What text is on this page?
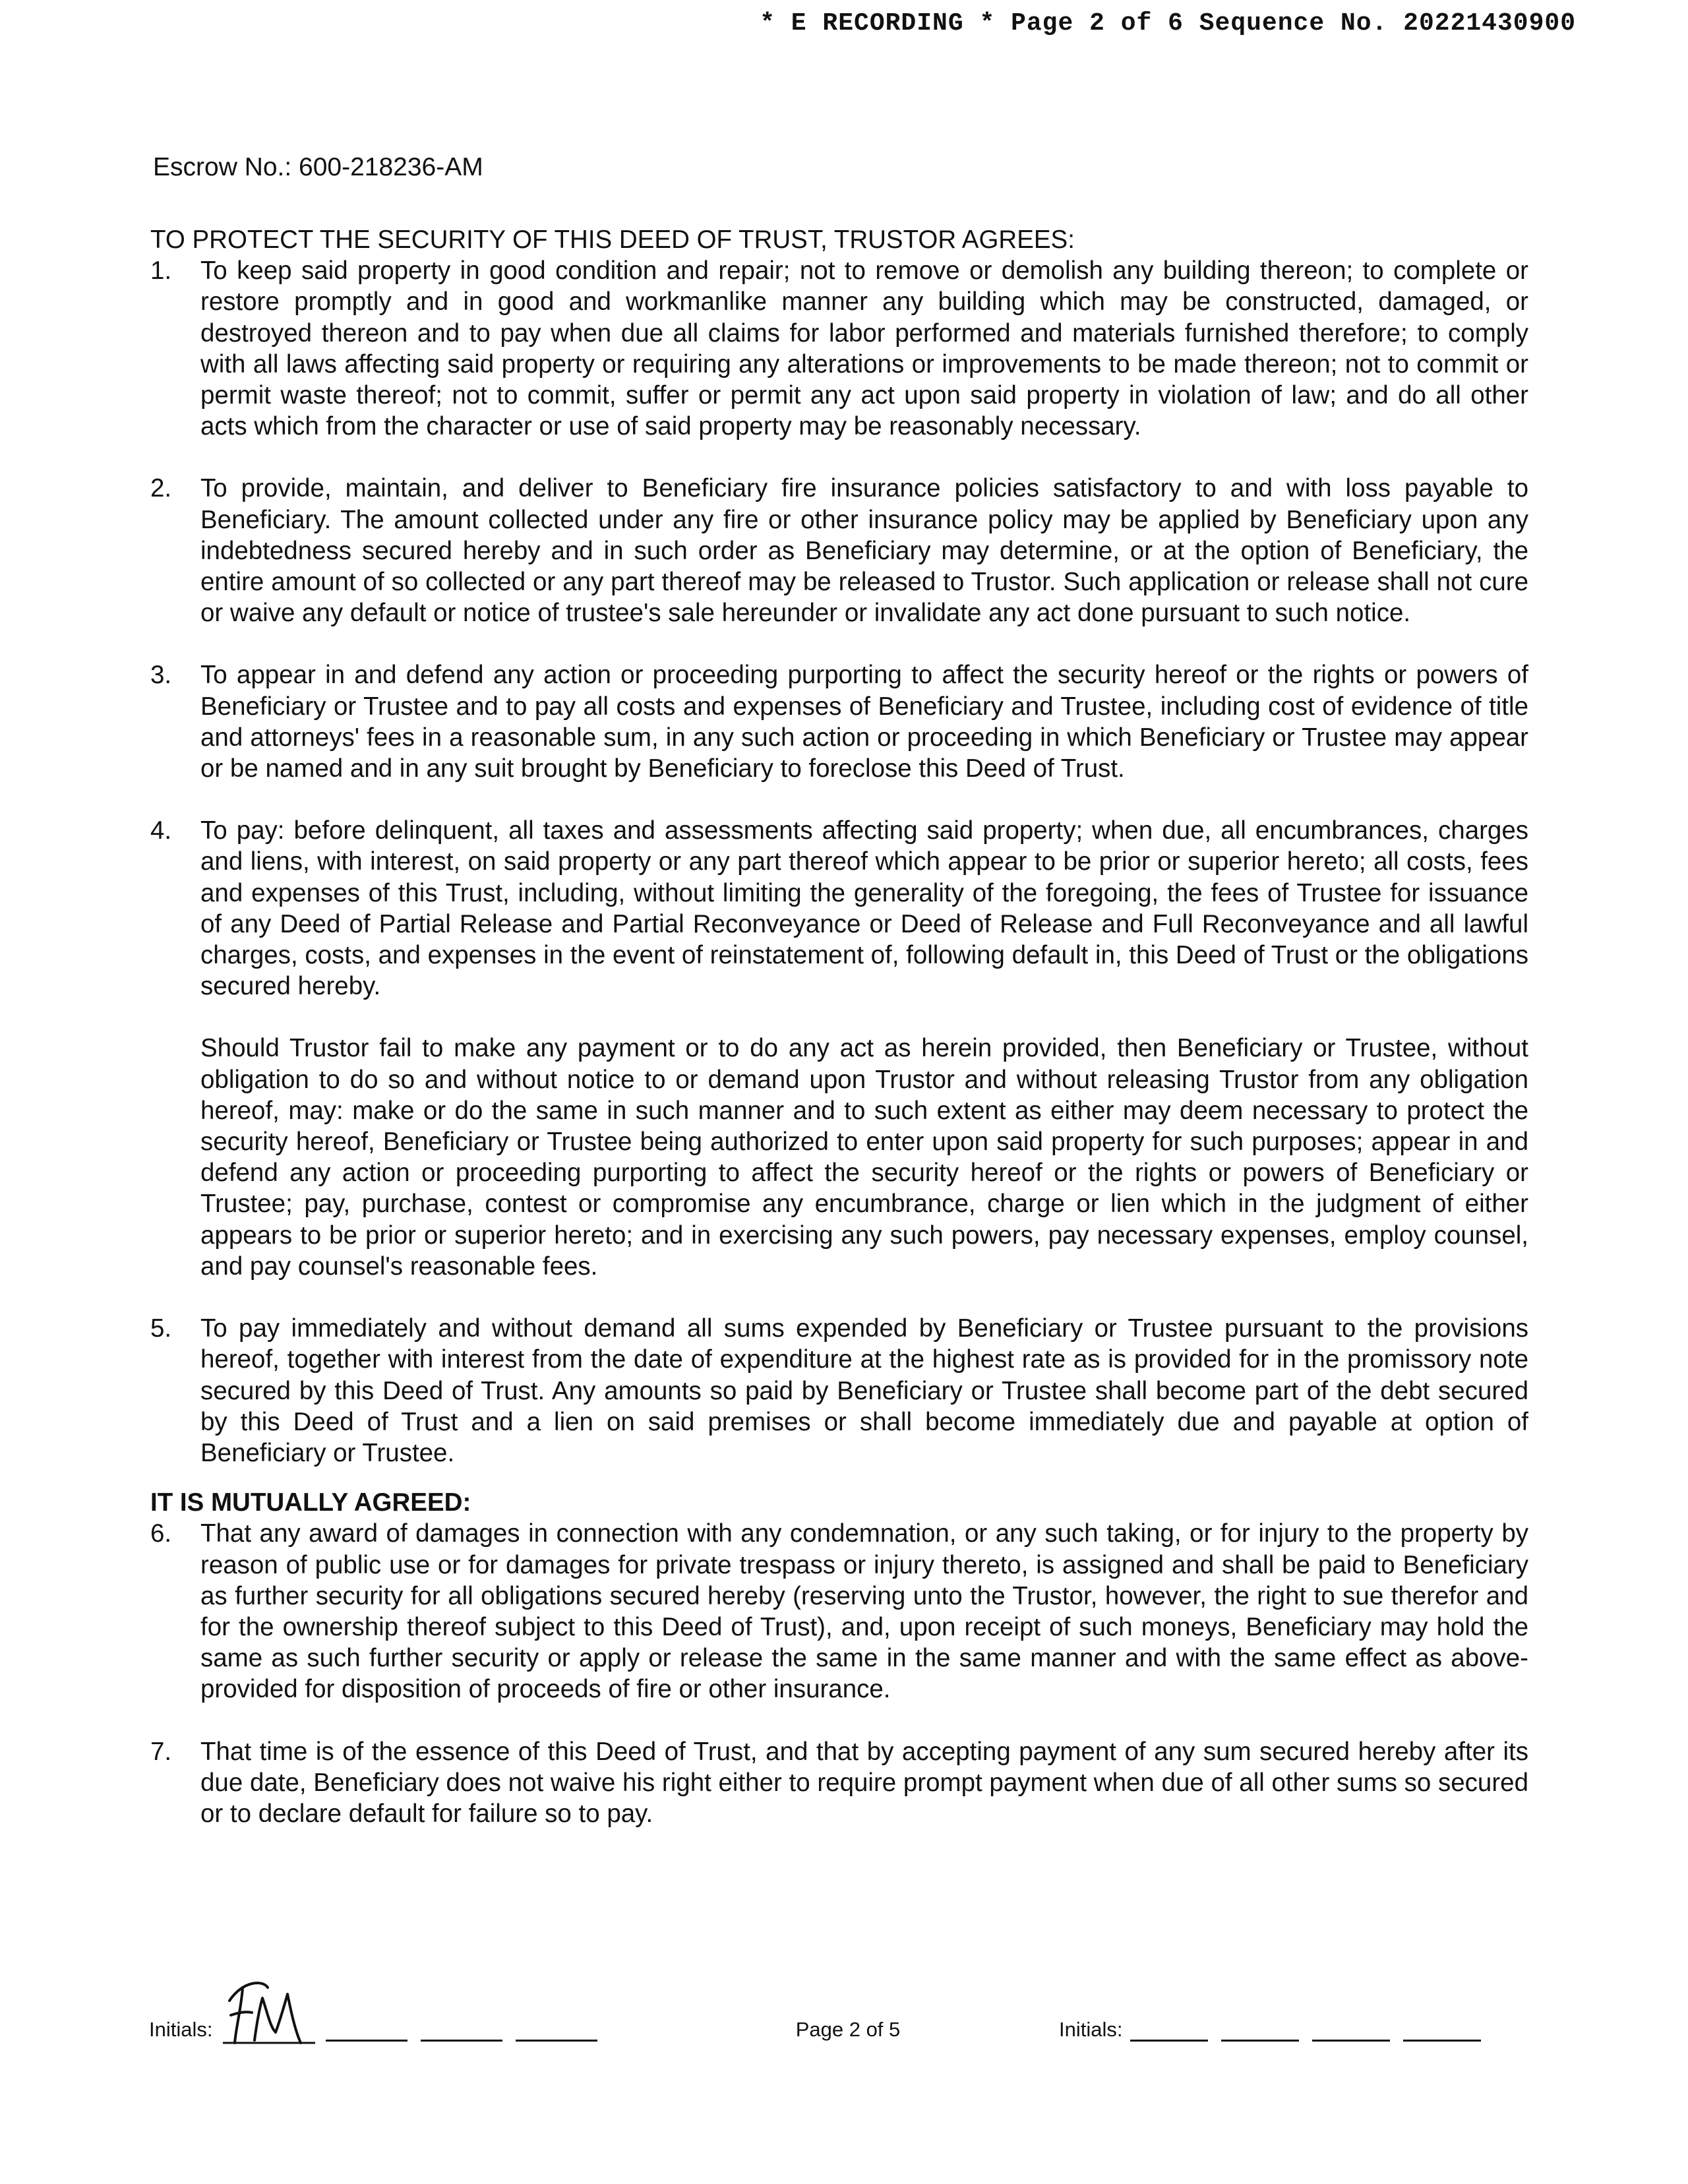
* E RECORDING * Page 2 of 6 Sequence No. 20221430900
Escrow No.: 600-218236-AM

TO PROTECT THE SECURITY OF THIS DEED OF TRUST, TRUSTOR AGREES:

1.	To keep said property in good condition and repair; not to remove or demolish any building thereon; to complete or restore promptly and in good and workmanlike manner any building which may be constructed, damaged, or destroyed thereon and to pay when due all claims for labor performed and materials furnished therefore; to comply with all laws affecting said property or requiring any alterations or improvements to be made thereon; not to commit or permit waste thereof; not to commit, suffer or permit any act upon said property in violation of law; and do all other acts which from the character or use of said property may be reasonably necessary.

2.	To provide, maintain, and deliver to Beneficiary fire insurance policies satisfactory to and with loss payable to Beneficiary. The amount collected under any fire or other insurance policy may be applied by Beneficiary upon any indebtedness secured hereby and in such order as Beneficiary may determine, or at the option of Beneficiary, the entire amount of so collected or any part thereof may be released to Trustor. Such application or release shall not cure or waive any default or notice of trustee's sale hereunder or invalidate any act done pursuant to such notice.

3.	To appear in and defend any action or proceeding purporting to affect the security hereof or the rights or powers of Beneficiary or Trustee and to pay all costs and expenses of Beneficiary and Trustee, including cost of evidence of title and attorneys' fees in a reasonable sum, in any such action or proceeding in which Beneficiary or Trustee may appear or be named and in any suit brought by Beneficiary to foreclose this Deed of Trust.

4.	To pay: before delinquent, all taxes and assessments affecting said property; when due, all encumbrances, charges and liens, with interest, on said property or any part thereof which appear to be prior or superior hereto; all costs, fees and expenses of this Trust, including, without limiting the generality of the foregoing, the fees of Trustee for issuance of any Deed of Partial Release and Partial Reconveyance or Deed of Release and Full Reconveyance and all lawful charges, costs, and expenses in the event of reinstatement of, following default in, this Deed of Trust or the obligations secured hereby.

Should Trustor fail to make any payment or to do any act as herein provided, then Beneficiary or Trustee, without obligation to do so and without notice to or demand upon Trustor and without releasing Trustor from any obligation hereof, may: make or do the same in such manner and to such extent as either may deem necessary to protect the security hereof, Beneficiary or Trustee being authorized to enter upon said property for such purposes; appear in and defend any action or proceeding purporting to affect the security hereof or the rights or powers of Beneficiary or Trustee; pay, purchase, contest or compromise any encumbrance, charge or lien which in the judgment of either appears to be prior or superior hereto; and in exercising any such powers, pay necessary expenses, employ counsel, and pay counsel's reasonable fees.

5.	To pay immediately and without demand all sums expended by Beneficiary or Trustee pursuant to the provisions hereof, together with interest from the date of expenditure at the highest rate as is provided for in the promissory note secured by this Deed of Trust. Any amounts so paid by Beneficiary or Trustee shall become part of the debt secured by this Deed of Trust and a lien on said premises or shall become immediately due and payable at option of Beneficiary or Trustee.

IT IS MUTUALLY AGREED:

6.	That any award of damages in connection with any condemnation, or any such taking, or for injury to the property by reason of public use or for damages for private trespass or injury thereto, is assigned and shall be paid to Beneficiary as further security for all obligations secured hereby (reserving unto the Trustor, however, the right to sue therefor and for the ownership thereof subject to this Deed of Trust), and, upon receipt of such moneys, Beneficiary may hold the same as such further security or apply or release the same in the same manner and with the same effect as above-provided for disposition of proceeds of fire or other insurance.

7.	That time is of the essence of this Deed of Trust, and that by accepting payment of any sum secured hereby after its due date, Beneficiary does not waive his right either to require prompt payment when due of all other sums so secured or to declare default for failure so to pay.

Initials:	Page 2 of 5	Initials:
